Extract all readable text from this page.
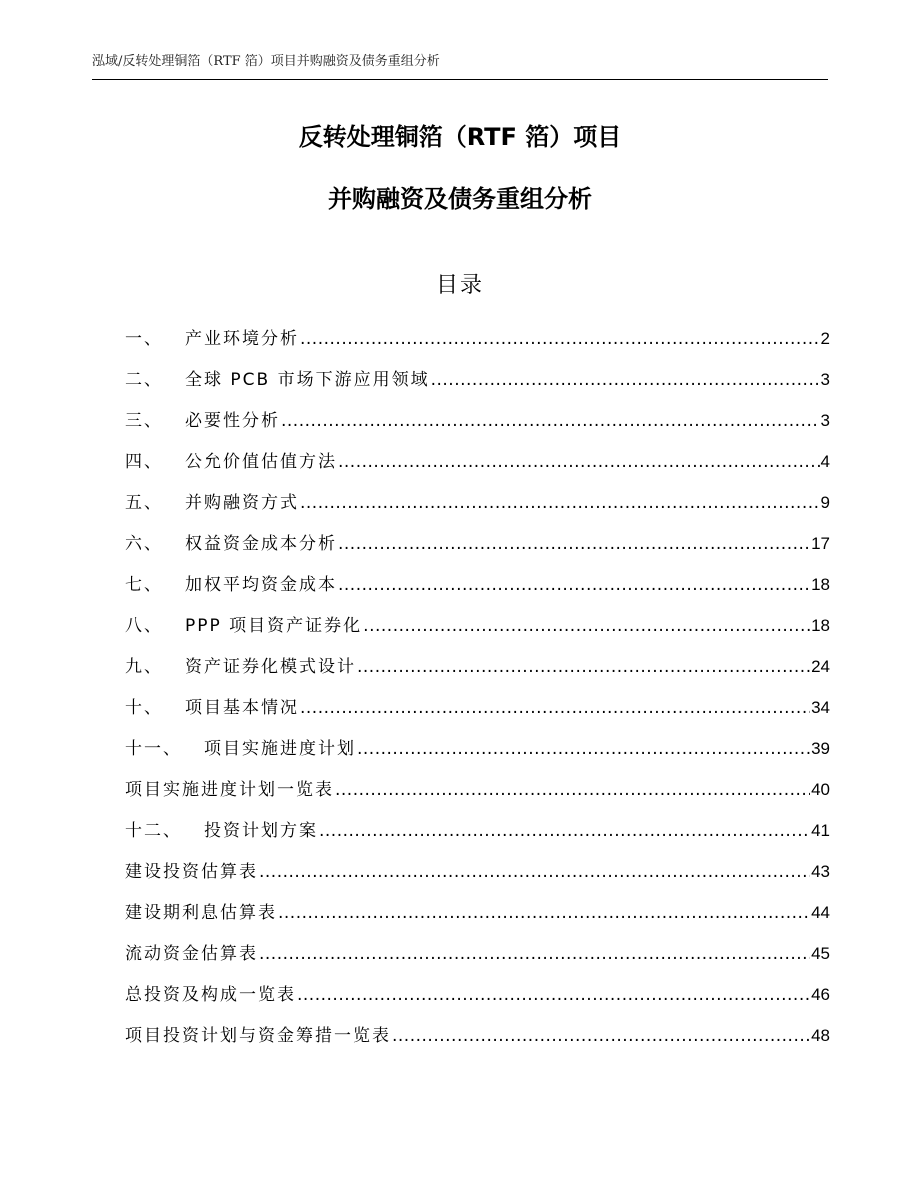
泓域/反转处理铜箔（RTF 箔）项目并购融资及债务重组分析
反转处理铜箔（RTF 箔）项目
并购融资及债务重组分析
目录
一、	产业环境分析 .....	2
二、	全球 PCB 市场下游应用领域 .....	3
三、	必要性分析 .....	3
四、	公允价值估值方法 .....	4
五、	并购融资方式 .....	9
六、	权益资金成本分析 .....	17
七、	加权平均资金成本 .....	18
八、	PPP 项目资产证券化 .....	18
九、	资产证券化模式设计 .....	24
十、	项目基本情况 .....	34
十一、	项目实施进度计划 .....	39
项目实施进度计划一览表 .....	40
十二、	投资计划方案 .....	41
建设投资估算表 .....	43
建设期利息估算表 .....	44
流动资金估算表 .....	45
总投资及构成一览表 .....	46
项目投资计划与资金筹措一览表 .....	48
